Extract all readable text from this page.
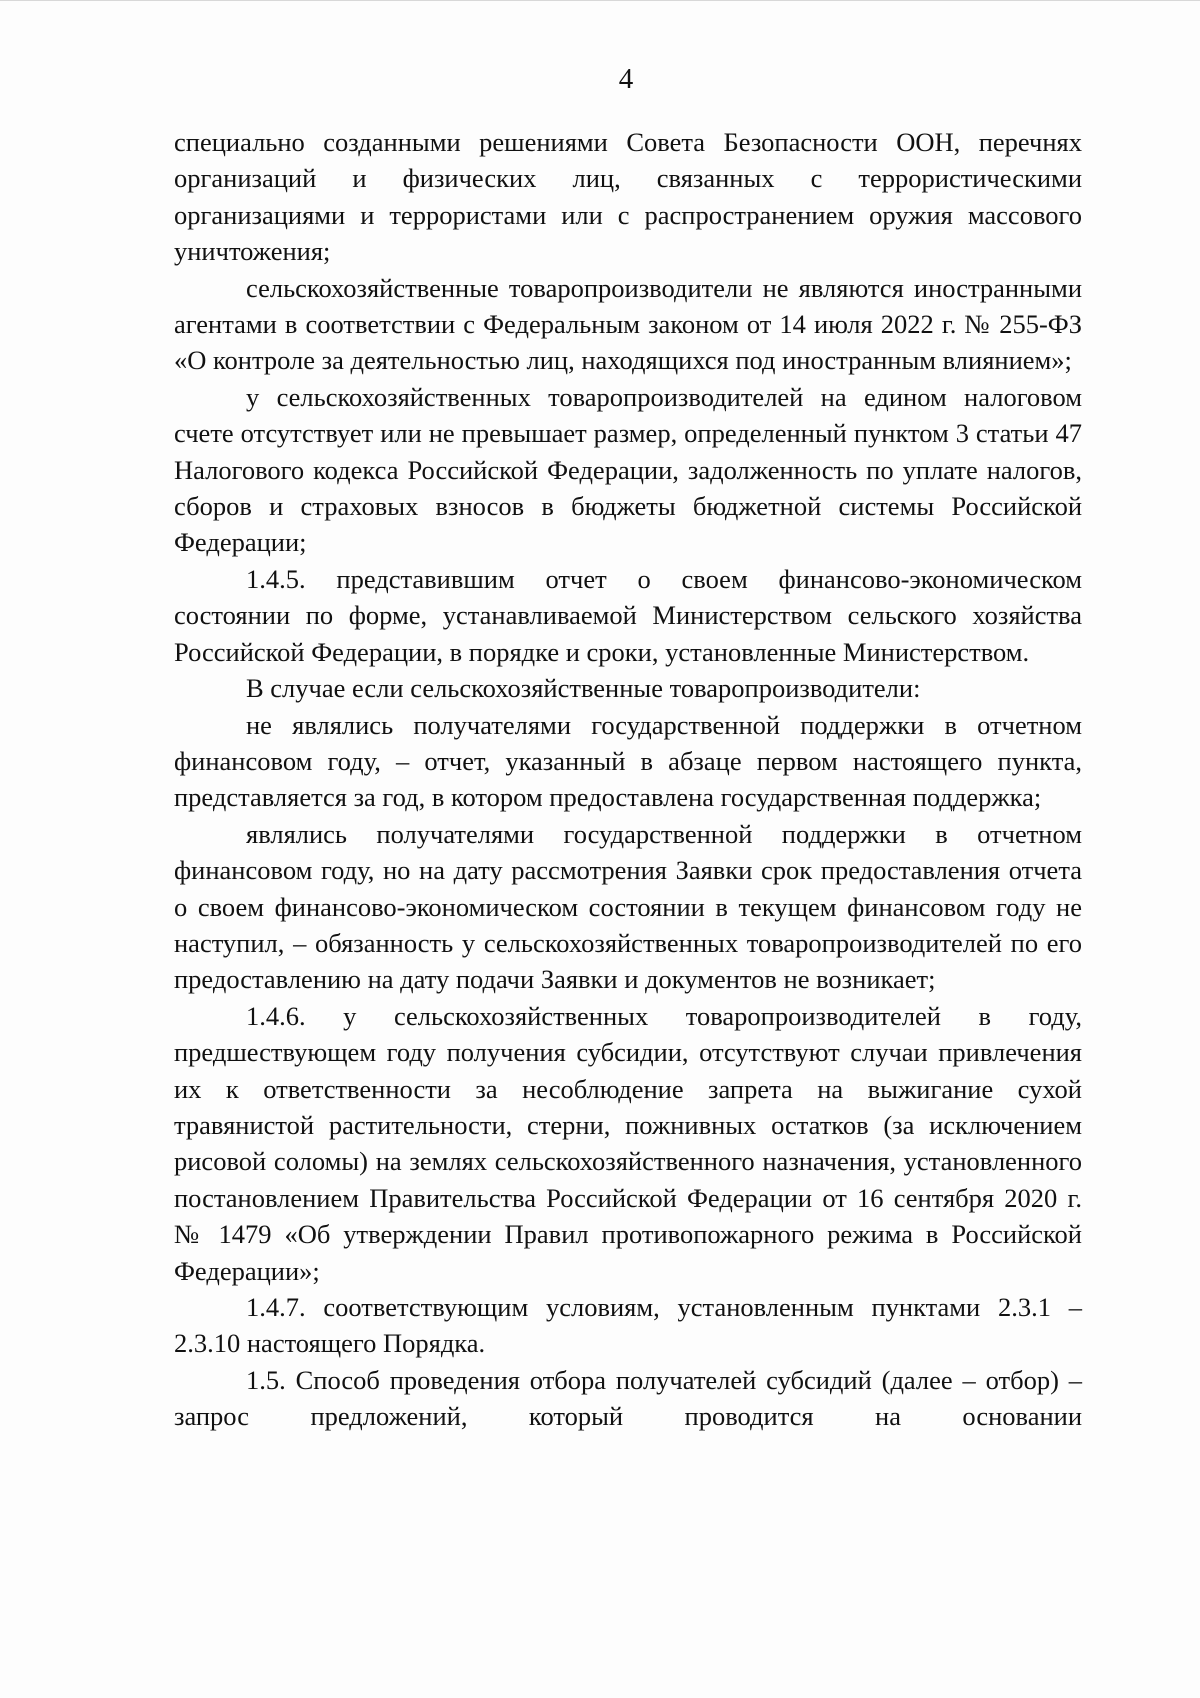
4

специально созданными решениями Совета Безопасности ООН, перечнях организаций и физических лиц, связанных с террористическими организациями и террористами или с распространением оружия массового уничтожения;

сельскохозяйственные товаропроизводители не являются иностранными агентами в соответствии с Федеральным законом от 14 июля 2022 г. № 255-ФЗ «О контроле за деятельностью лиц, находящихся под иностранным влиянием»;

у сельскохозяйственных товаропроизводителей на едином налоговом счете отсутствует или не превышает размер, определенный пунктом 3 статьи 47 Налогового кодекса Российской Федерации, задолженность по уплате налогов, сборов и страховых взносов в бюджеты бюджетной системы Российской Федерации;

1.4.5. представившим отчет о своем финансово-экономическом состоянии по форме, устанавливаемой Министерством сельского хозяйства Российской Федерации, в порядке и сроки, установленные Министерством.

В случае если сельскохозяйственные товаропроизводители:

не являлись получателями государственной поддержки в отчетном финансовом году, – отчет, указанный в абзаце первом настоящего пункта, представляется за год, в котором предоставлена государственная поддержка;

являлись получателями государственной поддержки в отчетном финансовом году, но на дату рассмотрения Заявки срок предоставления отчета о своем финансово-экономическом состоянии в текущем финансовом году не наступил, – обязанность у сельскохозяйственных товаропроизводителей по его предоставлению на дату подачи Заявки и документов не возникает;

1.4.6. у сельскохозяйственных товаропроизводителей в году, предшествующем году получения субсидии, отсутствуют случаи привлечения их к ответственности за несоблюдение запрета на выжигание сухой травянистой растительности, стерни, пожнивных остатков (за исключением рисовой соломы) на землях сельскохозяйственного назначения, установленного постановлением Правительства Российской Федерации от 16 сентября 2020 г. № 1479 «Об утверждении Правил противопожарного режима в Российской Федерации»;

1.4.7. соответствующим условиям, установленным пунктами 2.3.1 – 2.3.10 настоящего Порядка.

1.5. Способ проведения отбора получателей субсидий (далее – отбор) – запрос предложений, который проводится на основании
